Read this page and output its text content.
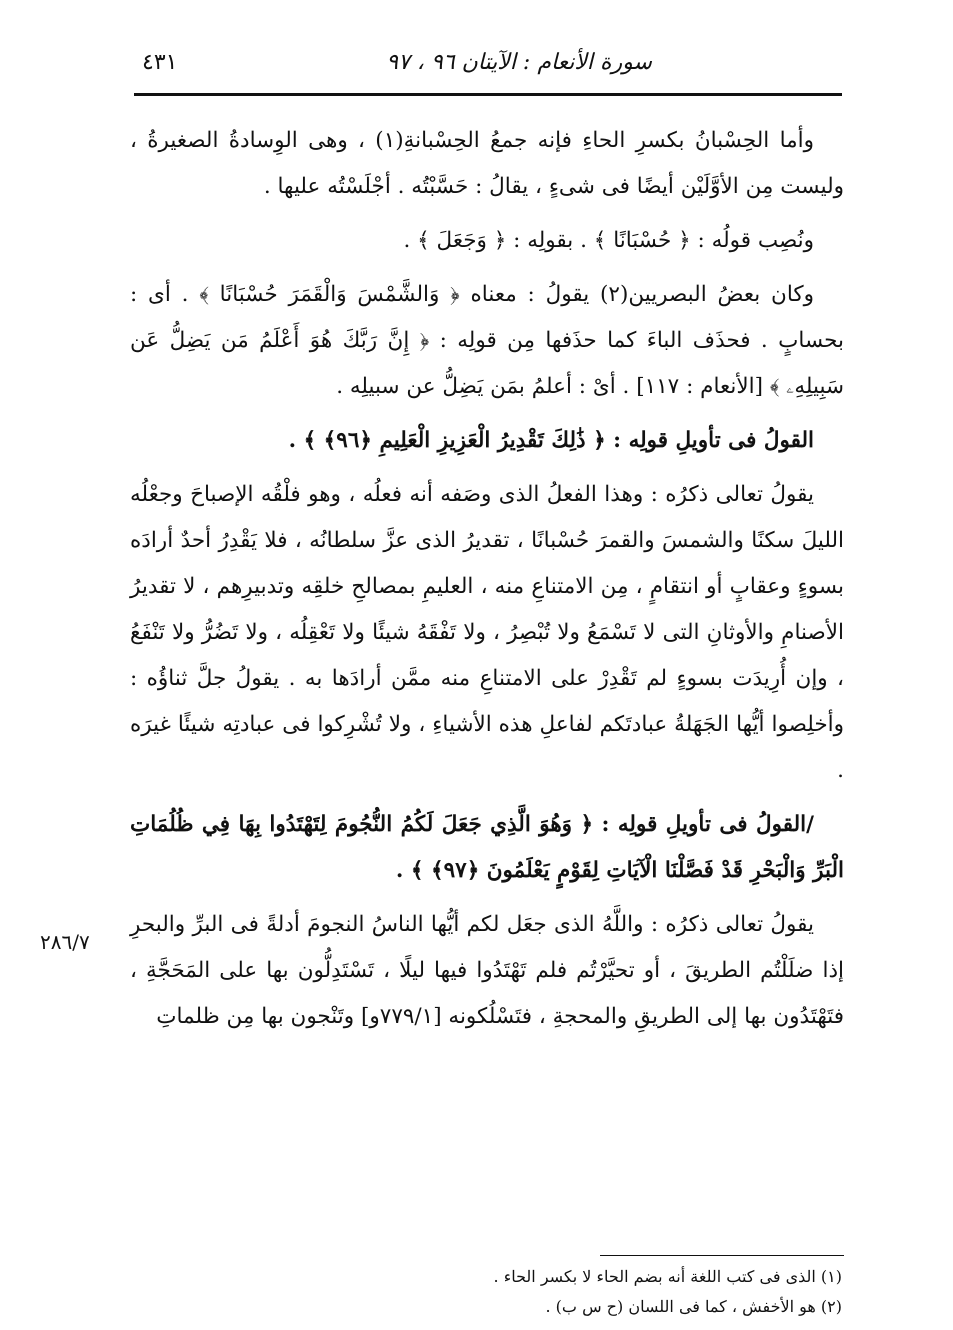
سورة الأنعام : الآيتان ٩٦ ، ٩٧
٤٣١

وأما الحِسْبانُ بكسرِ الحاءِ فإنه جمعُ الحِسْبانةِ(١) ، وهى الوِسادةُ الصغيرةُ ، وليست مِن الأوَّلَيْن أيضًا فى شىءٍ ، يقالُ : حَسَّبْتُه . أجْلَسْتُه عليها .

ونُصِب قولُه : ﴿ حُسْبَانًا ﴾ . بقولِه : ﴿ وَجَعَلَ ﴾ .

وكان بعضُ البصريين(٢) يقولُ : معناه ﴿ وَالشَّمْسَ وَالْقَمَرَ حُسْبَانًا ﴾ . أى : بحسابٍ . فحذَف الباءَ كما حذَفها مِن قولِه : ﴿ إِنَّ رَبَّكَ هُوَ أَعْلَمُ مَن يَضِلُّ عَن سَبِيلِهِۦ ﴾ [الأنعام : ١١٧] . أىْ : أعلمُ بمَن يَضِلُّ عن سبيلِه .

القولُ فى تأويلِ قولِه : ﴿ ذَٰلِكَ تَقْدِيرُ الْعَزِيزِ الْعَلِيمِ ﴿٩٦﴾ ﴾ .

يقولُ تعالى ذكرُه : وهذا الفعلُ الذى وصَفه أنه فعلُه ، وهو فلْقُه الإصباحَ وجعْلُه الليلَ سكنًا والشمسَ والقمرَ حُسْبانًا ، تقديرُ الذى عزَّ سلطانُه ، فلا يَقْدِرُ أحدٌ أرادَه بسوءٍ وعقابٍ أو انتقامٍ ، مِن الامتناعِ منه ، العليمِ بمصالحِ خلقِه وتدبيرِهم ، لا تقديرُ الأصنامِ والأوثانِ التى لا تَسْمَعُ ولا تُبْصِرُ ، ولا تَفْقَهُ شيئًا ولا تَعْقِلُه ، ولا تَضُرُّ ولا تَنْفَعُ ، وإن أُرِيدَت بسوءٍ لم تَقْدِرْ على الامتناعِ منه ممَّن أرادَها به . يقولُ جلَّ ثناؤُه : وأخلِصوا أيُّها الجَهَلةُ عبادتَكم لفاعلِ هذه الأشياءِ ، ولا تُشْرِكوا فى عبادتِه شيئًا غيرَه .

/القولُ فى تأويلِ قولِه : ﴿ وَهُوَ الَّذِي جَعَلَ لَكُمُ النُّجُومَ لِتَهْتَدُوا بِهَا فِي ظُلُمَاتِ الْبَرِّ وَالْبَحْرِ قَدْ فَصَّلْنَا الْآيَاتِ لِقَوْمٍ يَعْلَمُونَ ﴿٩٧﴾ ﴾ .

يقولُ تعالى ذكرُه : واللَّهُ الذى جعَل لكم أيُّها الناسُ النجومَ أدلةً فى البرِّ والبحرِ إذا ضلَلْتُم الطريقَ ، أو تحيَّرْتُم فلم تَهْتَدُوا فيها ليلًا ، تَسْتَدِلُّون بها على المَحَجَّةِ ، فتَهْتَدُون بها إلى الطريقِ والمحجةِ ، فتَسْلُكونه [٧٧٩/١و] وتَنْجون بها مِن ظلماتِ

٢٨٦/٧

(١) الذى فى كتب اللغة أنه بضم الحاء لا بكسر الحاء .

(٢) هو الأخفش ، كما فى اللسان (ح س ب) .
